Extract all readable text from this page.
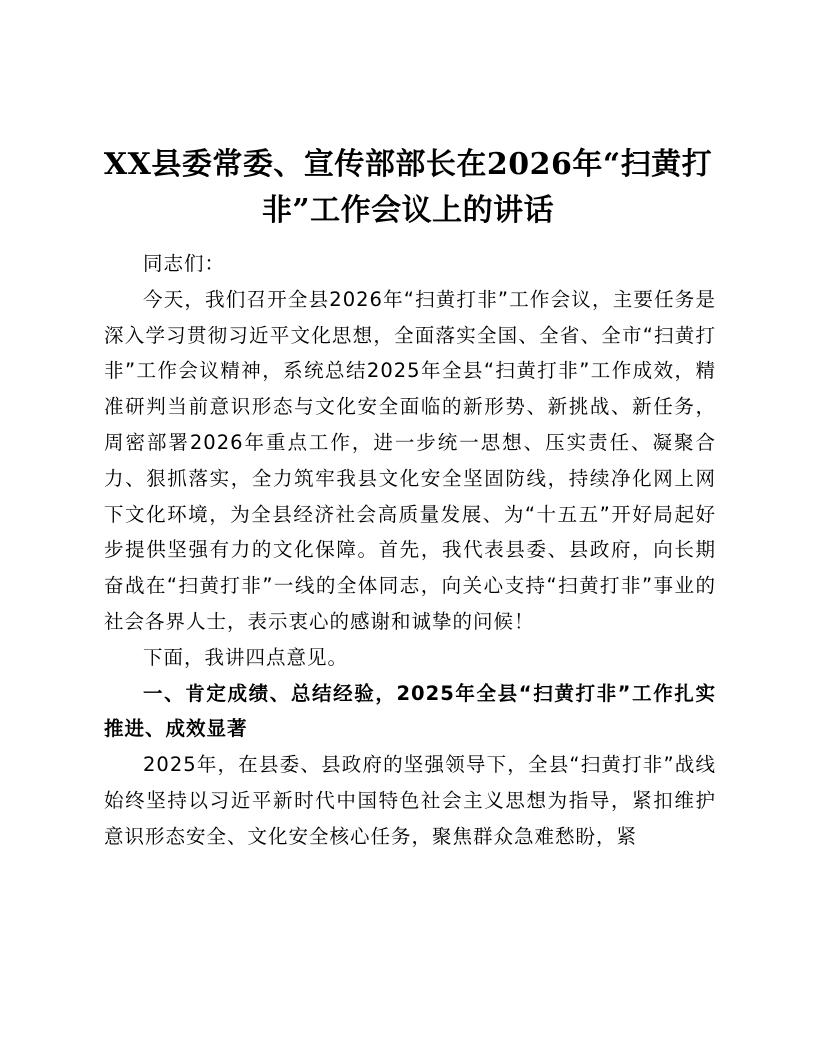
XX县委常委、宣传部部长在2026年“扫黄打非”工作会议上的讲话

同志们：

今天，我们召开全县2026年“扫黄打非”工作会议，主要任务是深入学习贯彻习近平文化思想，全面落实全国、全省、全市“扫黄打非”工作会议精神，系统总结2025年全县“扫黄打非”工作成效，精准研判当前意识形态与文化安全面临的新形势、新挑战、新任务，周密部署2026年重点工作，进一步统一思想、压实责任、凝聚合力、狠抓落实，全力筑牢我县文化安全坚固防线，持续净化网上网下文化环境，为全县经济社会高质量发展、为“十五五”开好局起好步提供坚强有力的文化保障。首先，我代表县委、县政府，向长期奋战在“扫黄打非”一线的全体同志，向关心支持“扫黄打非”事业的社会各界人士，表示衷心的感谢和诚挚的问候！

下面，我讲四点意见。

一、肯定成绩、总结经验，2025年全县“扫黄打非”工作扎实推进、成效显著

2025年，在县委、县政府的坚强领导下，全县“扫黄打非”战线始终坚持以习近平新时代中国特色社会主义思想为指导，紧扣维护意识形态安全、文化安全核心任务，聚焦群众急难愁盼，紧
